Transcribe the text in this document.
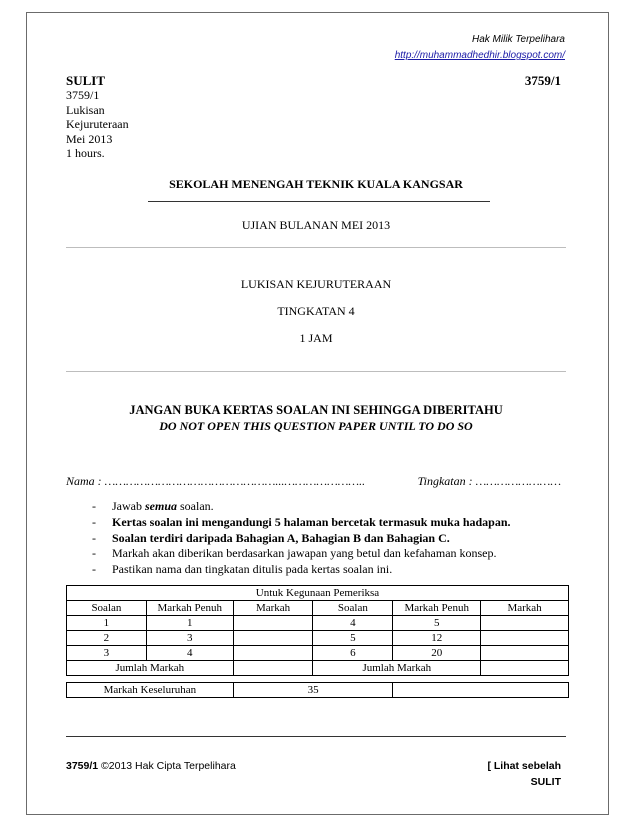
Hak Milik Terpelihara
http://muhammadhedhir.blogspot.com/
SULIT	3759/1
3759/1
Lukisan
Kejuruteraan
Mei 2013
1 hours.
SEKOLAH MENENGAH TEKNIK KUALA KANGSAR
UJIAN BULANAN MEI 2013
LUKISAN KEJURUTERAAN
TINGKATAN 4
1 JAM
JANGAN BUKA KERTAS SOALAN INI SEHINGGA DIBERITAHU
DO NOT OPEN THIS QUESTION PAPER UNTIL TO DO SO
Nama : …………………………………………...…………………..	Tingkatan : ……………………
- Jawab semua soalan.
- Kertas soalan ini mengandungi 5 halaman bercetak termasuk muka hadapan.
- Soalan terdiri daripada Bahagian A, Bahagian B dan Bahagian C.
- Markah akan diberikan berdasarkan jawapan yang betul dan kefahaman konsep.
- Pastikan nama dan tingkatan ditulis pada kertas soalan ini.
Untuk Kegunaan Pemeriksa					
Soalan	Markah Penuh	Markah	Soalan	Markah Penuh	Markah
1	1		4	5	
2	3		5	12	
3	4		6	20	
Jumlah Markah			Jumlah Markah		
Markah Keseluruhan	35	
3759/1 ©2013 Hak Cipta Terpelihara	[ Lihat sebelah
SULIT
